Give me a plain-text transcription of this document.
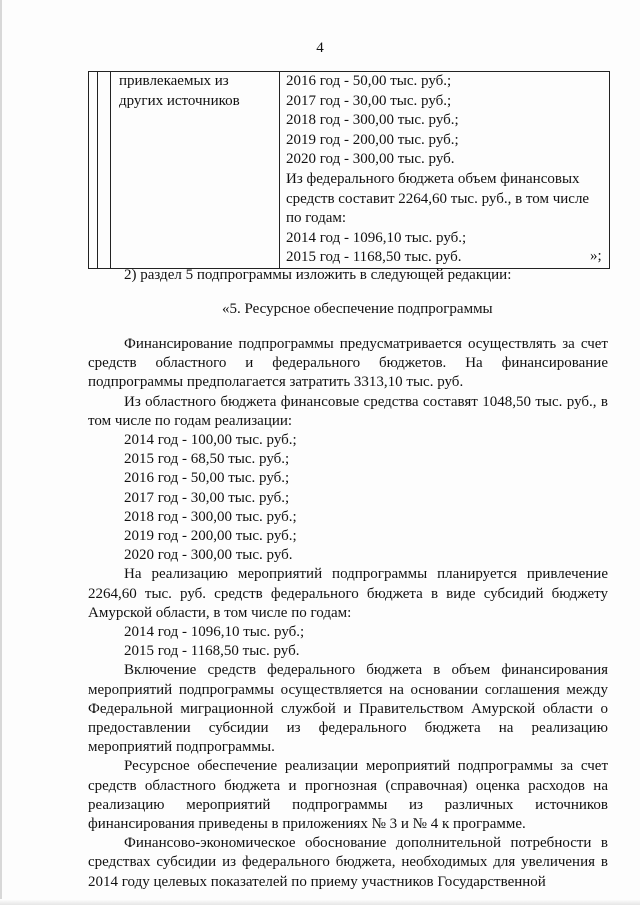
4

привлекаемых из
других источников

2016 год - 50,00 тыс. руб.;
2017 год - 30,00 тыс. руб.;
2018 год - 300,00 тыс. руб.;
2019 год - 200,00 тыс. руб.;
2020 год - 300,00 тыс. руб.
Из федерального бюджета объем финансовых
средств составит 2264,60 тыс. руб., в том числе
по годам:
2014 год - 1096,10 тыс. руб.;
2015 год - 1168,50 тыс. руб.	»;

2) раздел 5 подпрограммы изложить в следующей редакции:

«5. Ресурсное обеспечение подпрограммы

Финансирование подпрограммы предусматривается осуществлять за счет средств областного и федерального бюджетов. На финансирование подпрограммы предполагается затратить 3313,10 тыс. руб.

Из областного бюджета финансовые средства составят 1048,50 тыс. руб., в том числе по годам реализации:

2014 год - 100,00 тыс. руб.;

2015 год - 68,50 тыс. руб.;

2016 год - 50,00 тыс. руб.;

2017 год - 30,00 тыс. руб.;

2018 год - 300,00 тыс. руб.;

2019 год - 200,00 тыс. руб.;

2020 год - 300,00 тыс. руб.

На реализацию мероприятий подпрограммы планируется привлечение 2264,60 тыс. руб. средств федерального бюджета в виде субсидий бюджету Амурской области, в том числе по годам:

2014 год - 1096,10 тыс. руб.;

2015 год - 1168,50 тыс. руб.

Включение средств федерального бюджета в объем финансирования мероприятий подпрограммы осуществляется на основании соглашения между Федеральной миграционной службой и Правительством Амурской области о предоставлении субсидии из федерального бюджета на реализацию мероприятий подпрограммы.

Ресурсное обеспечение реализации мероприятий подпрограммы за счет средств областного бюджета и прогнозная (справочная) оценка расходов на реализацию мероприятий подпрограммы из различных источников финансирования приведены в приложениях № 3 и № 4 к программе.

Финансово-экономическое обоснование дополнительной потребности в средствах субсидии из федерального бюджета, необходимых для увеличения в 2014 году целевых показателей по приему участников Государственной
